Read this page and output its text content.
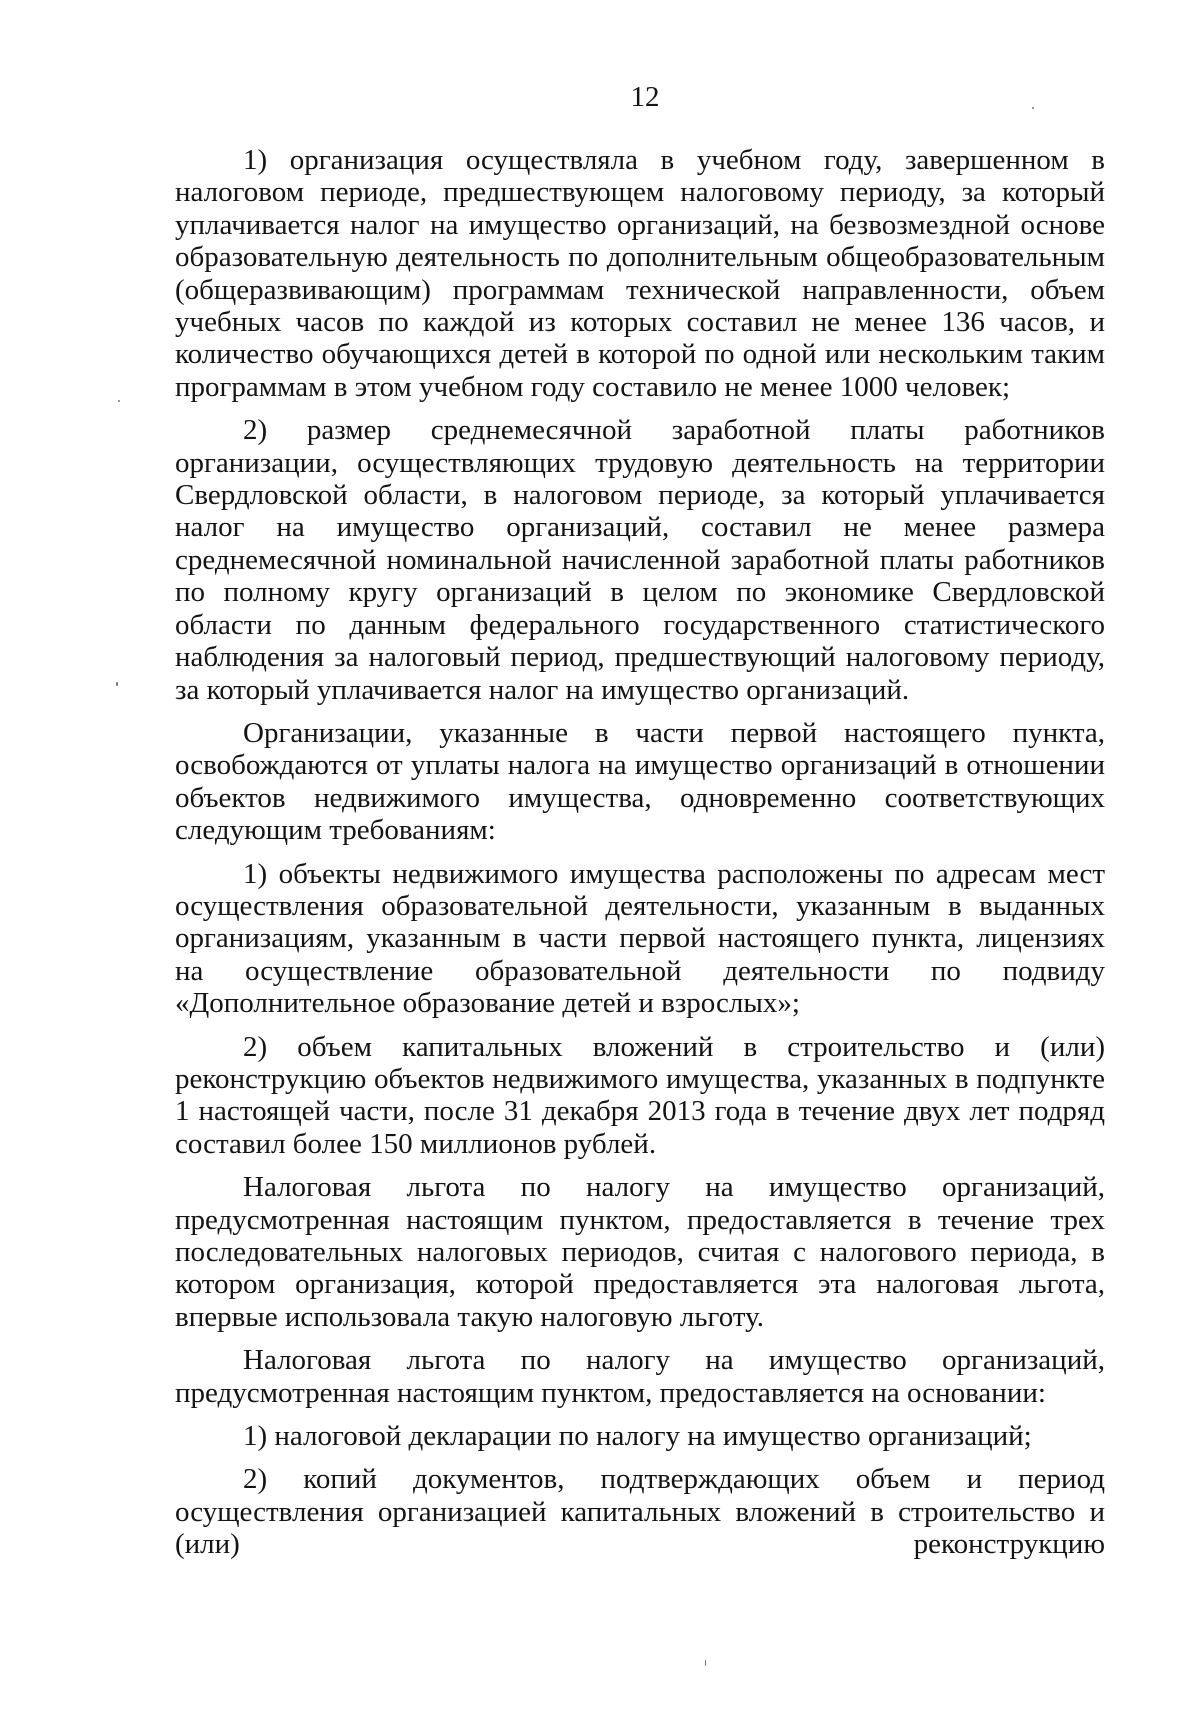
12

1) организация осуществляла в учебном году, завершенном в налоговом периоде, предшествующем налоговому периоду, за который уплачивается налог на имущество организаций, на безвозмездной основе образовательную деятельность по дополнительным общеобразовательным (общеразвивающим) программам технической направленности, объем учебных часов по каждой из которых составил не менее 136 часов, и количество обучающихся детей в которой по одной или нескольким таким программам в этом учебном году составило не менее 1000 человек;

2) размер среднемесячной заработной платы работников организации, осуществляющих трудовую деятельность на территории Свердловской области, в налоговом периоде, за который уплачивается налог на имущество организаций, составил не менее размера среднемесячной номинальной начисленной заработной платы работников по полному кругу организаций в целом по экономике Свердловской области по данным федерального государственного статистического наблюдения за налоговый период, предшествующий налоговому периоду, за который уплачивается налог на имущество организаций.

Организации, указанные в части первой настоящего пункта, освобождаются от уплаты налога на имущество организаций в отношении объектов недвижимого имущества, одновременно соответствующих следующим требованиям:

1) объекты недвижимого имущества расположены по адресам мест осуществления образовательной деятельности, указанным в выданных организациям, указанным в части первой настоящего пункта, лицензиях на осуществление образовательной деятельности по подвиду «Дополнительное образование детей и взрослых»;

2) объем капитальных вложений в строительство и (или) реконструкцию объектов недвижимого имущества, указанных в подпункте 1 настоящей части, после 31 декабря 2013 года в течение двух лет подряд составил более 150 миллионов рублей.

Налоговая льгота по налогу на имущество организаций, предусмотренная настоящим пунктом, предоставляется в течение трех последовательных налоговых периодов, считая с налогового периода, в котором организация, которой предоставляется эта налоговая льгота, впервые использовала такую налоговую льготу.

Налоговая льгота по налогу на имущество организаций, предусмотренная настоящим пунктом, предоставляется на основании:

1) налоговой декларации по налогу на имущество организаций;

2) копий документов, подтверждающих объем и период осуществления организацией капитальных вложений в строительство и (или) реконструкцию
